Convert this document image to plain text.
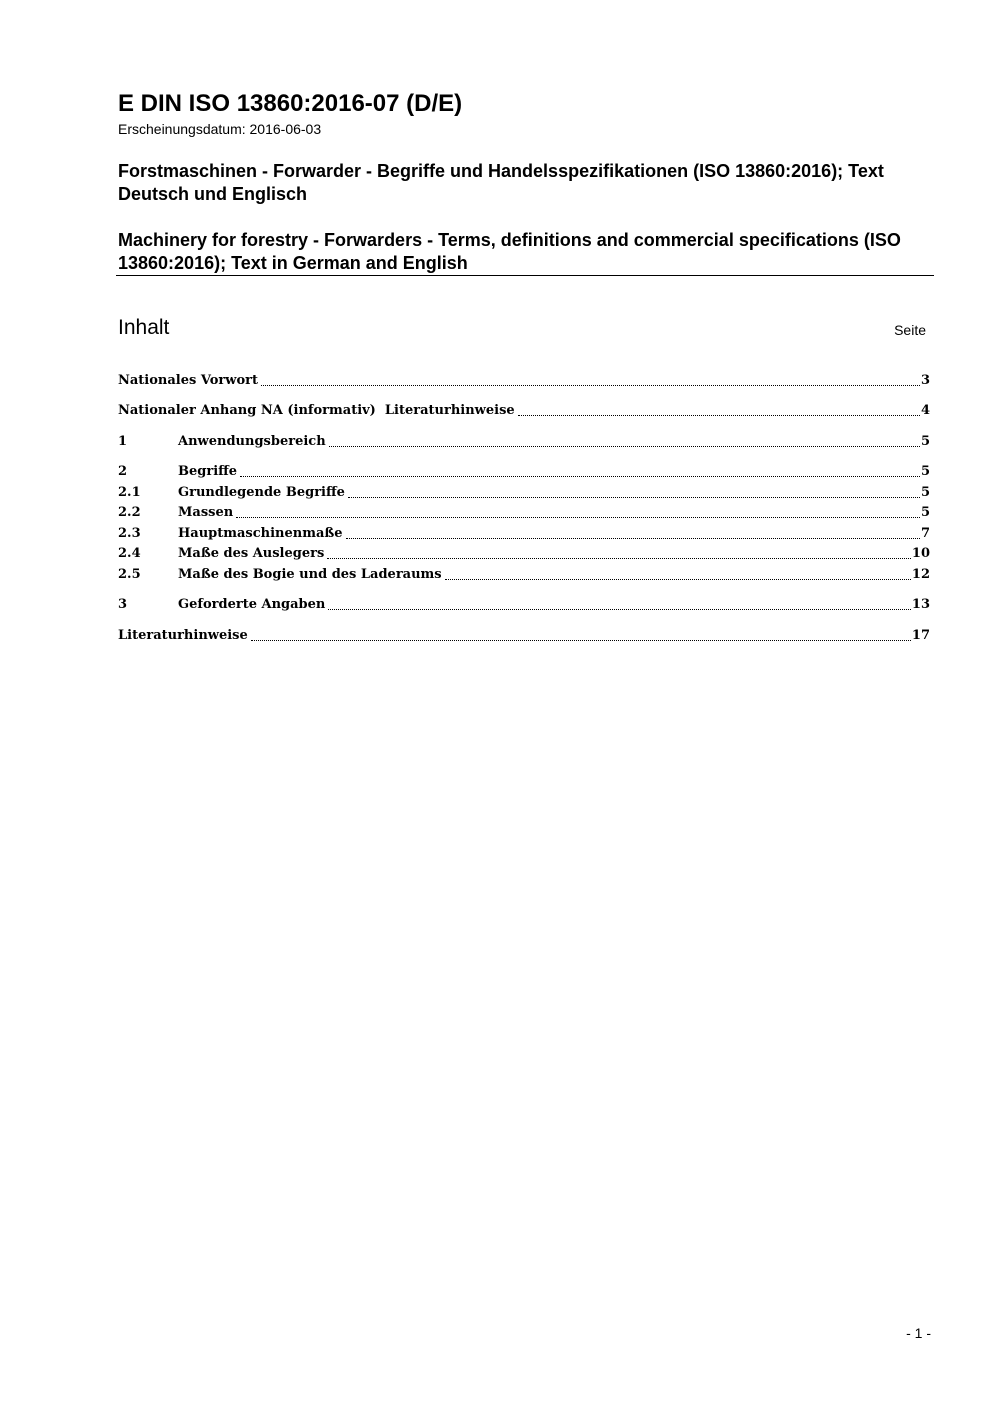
E DIN ISO 13860:2016-07 (D/E)
Erscheinungsdatum: 2016-06-03
Forstmaschinen - Forwarder - Begriffe und Handelsspezifikationen (ISO 13860:2016); Text Deutsch und Englisch
Machinery for forestry - Forwarders - Terms, definitions and commercial specifications (ISO 13860:2016); Text in German and English
Inhalt	Seite
Nationales Vorwort	3
Nationaler Anhang NA (informativ)  Literaturhinweise	4
1	Anwendungsbereich	5
2	Begriffe	5
2.1	Grundlegende Begriffe	5
2.2	Massen	5
2.3	Hauptmaschinenmaße	7
2.4	Maße des Auslegers	10
2.5	Maße des Bogie und des Laderaums	12
3	Geforderte Angaben	13
Literaturhinweise	17
- 1 -
